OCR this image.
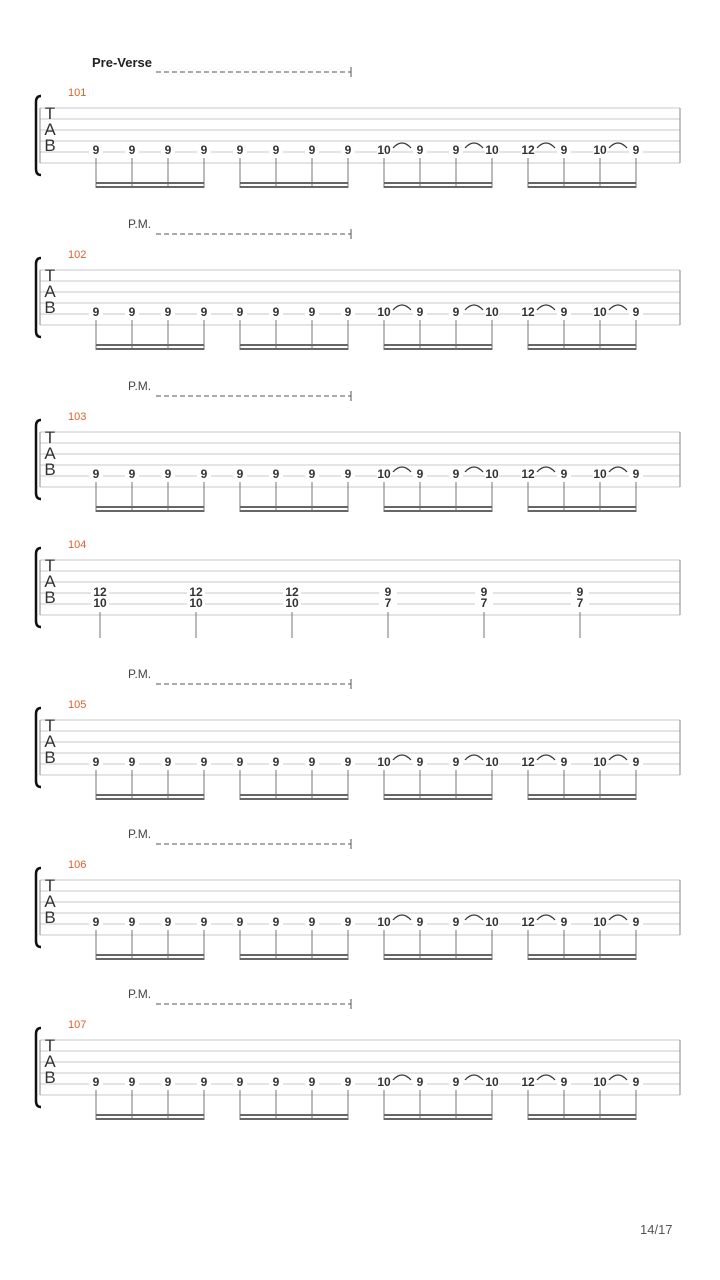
Pre-Verse
101
T
A
B	9 9 9 9 9 9 9 9 10 9 9 10 12 9 10 9
P.M.
102
T
A
B	9 9 9 9 9 9 9 9 10 9 9 10 12 9 10 9
P.M.
103
T
A
B	9 9 9 9 9 9 9 9 10 9 9 10 12 9 10 9
104
T
A
B	12
10
12
10
12
10
9
7
9
7
9
7
P.M.
105
T
A
B	9 9 9 9 9 9 9 9 10 9 9 10 12 9 10 9
P.M.
106
T
A
B	9 9 9 9 9 9 9 9 10 9 9 10 12 9 10 9
P.M.
107
T
A
B	9 9 9 9 9 9 9 9 10 9 9 10 12 9 10 9
14/17
